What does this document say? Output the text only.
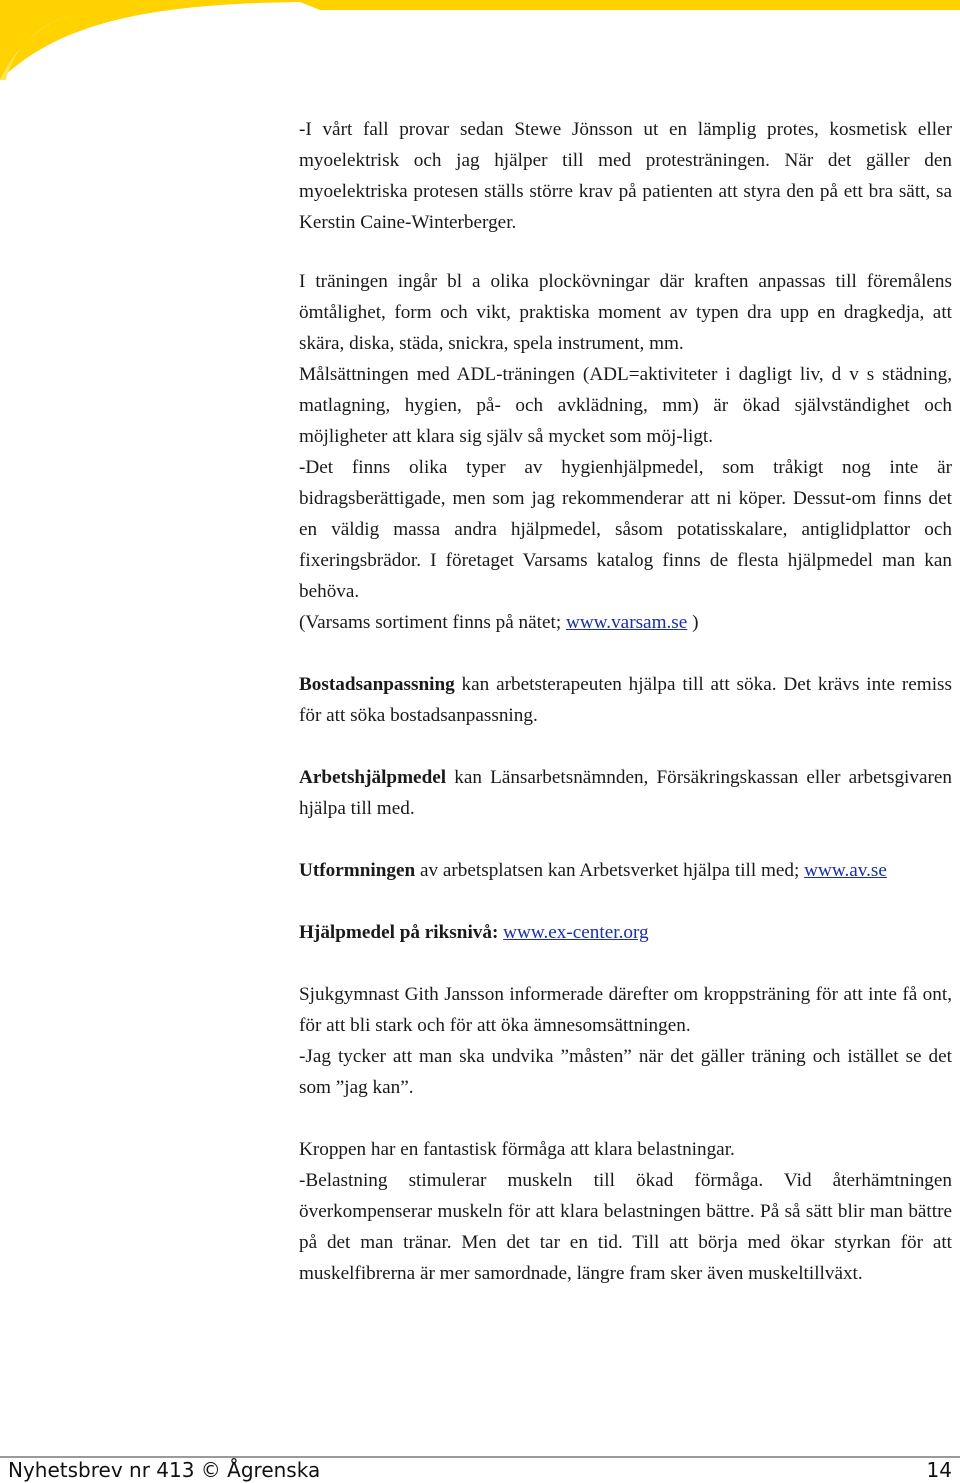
-I vårt fall provar sedan Stewe Jönsson ut en lämplig protes, kosmetisk eller myoelektrisk och jag hjälper till med protesträningen. När det gäller den myoelektriska protesen ställs större krav på patienten att styra den på ett bra sätt, sa Kerstin Caine-Winterberger.

I träningen ingår bl a olika plockövningar där kraften anpassas till föremålens ömtålighet, form och vikt, praktiska moment av typen dra upp en dragkedja, att skära, diska, städa, snickra, spela instrument, mm.

Målsättningen med ADL-träningen (ADL=aktiviteter i dagligt liv, d v s städning, matlagning, hygien, på- och avklädning, mm) är ökad självständighet och möjligheter att klara sig själv så mycket som möj-ligt.

-Det finns olika typer av hygienhjälpmedel, som tråkigt nog inte är bidragsberättigade, men som jag rekommenderar att ni köper. Dessut-om finns det en väldig massa andra hjälpmedel, såsom potatisskalare, antiglidplattor och fixeringsbrädor. I företaget Varsams katalog finns de flesta hjälpmedel man kan behöva.

(Varsams sortiment finns på nätet; www.varsam.se )

Bostadsanpassning kan arbetsterapeuten hjälpa till att söka. Det krävs inte remiss för att söka bostadsanpassning.

Arbetshjälpmedel kan Länsarbetsnämnden, Försäkringskassan eller arbetsgivaren hjälpa till med.

Utformningen av arbetsplatsen kan Arbetsverket hjälpa till med; www.av.se

Hjälpmedel på riksnivå: www.ex-center.org

Sjukgymnast Gith Jansson informerade därefter om kroppsträning för att inte få ont, för att bli stark och för att öka ämnesomsättningen.

-Jag tycker att man ska undvika ”måsten” när det gäller träning och istället se det som ”jag kan”.

Kroppen har en fantastisk förmåga att klara belastningar.

-Belastning stimulerar muskeln till ökad förmåga. Vid återhämtningen överkompenserar muskeln för att klara belastningen bättre. På så sätt blir man bättre på det man tränar. Men det tar en tid. Till att börja med ökar styrkan för att muskelfibrerna är mer samordnade, längre fram sker även muskeltillväxt.

Nyhetsbrev nr 413 © Ågrenska	14
